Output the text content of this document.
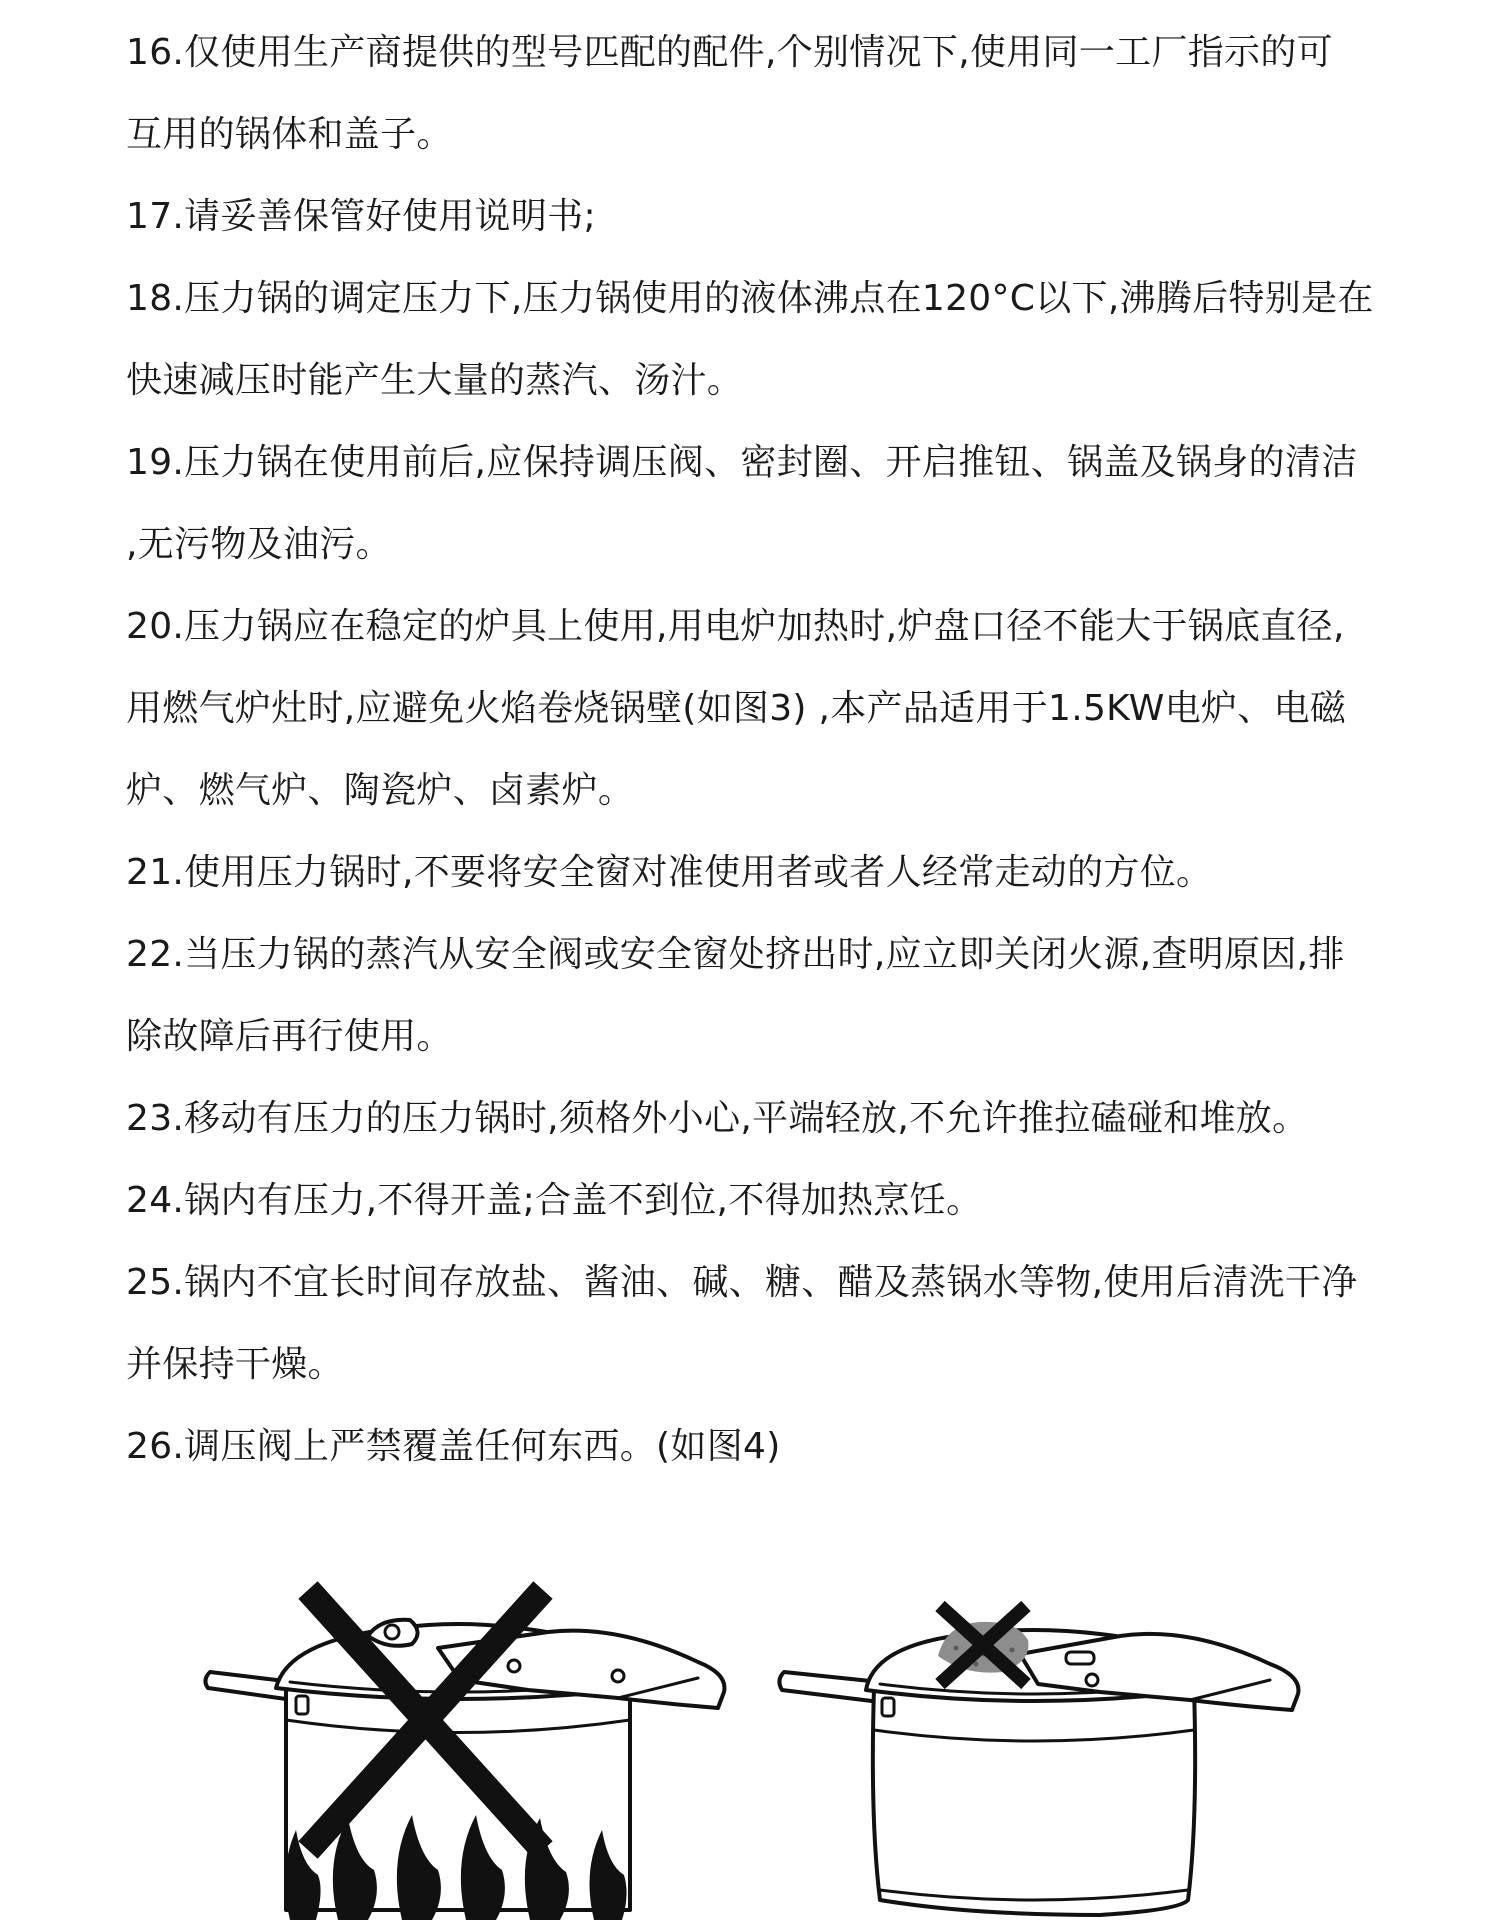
16.仅使用生产商提供的型号匹配的配件,个别情况下,使用同一工厂指示的可

互用的锅体和盖子。

17.请妥善保管好使用说明书;

18.压力锅的调定压力下,压力锅使用的液体沸点在120°C以下,沸腾后特别是在

快速减压时能产生大量的蒸汽、汤汁。

19.压力锅在使用前后,应保持调压阀、密封圈、开启推钮、锅盖及锅身的清洁

,无污物及油污。

20.压力锅应在稳定的炉具上使用,用电炉加热时,炉盘口径不能大于锅底直径,

用燃气炉灶时,应避免火焰卷烧锅壁(如图3) ,本产品适用于1.5KW电炉、电磁

炉、燃气炉、陶瓷炉、卤素炉。

21.使用压力锅时,不要将安全窗对准使用者或者人经常走动的方位。

22.当压力锅的蒸汽从安全阀或安全窗处挤出时,应立即关闭火源,查明原因,排

除故障后再行使用。

23.移动有压力的压力锅时,须格外小心,平端轻放,不允许推拉磕碰和堆放。

24.锅内有压力,不得开盖;合盖不到位,不得加热烹饪。

25.锅内不宜长时间存放盐、酱油、碱、糖、醋及蒸锅水等物,使用后清洗干净

并保持干燥。

26.调压阀上严禁覆盖任何东西。(如图4)
